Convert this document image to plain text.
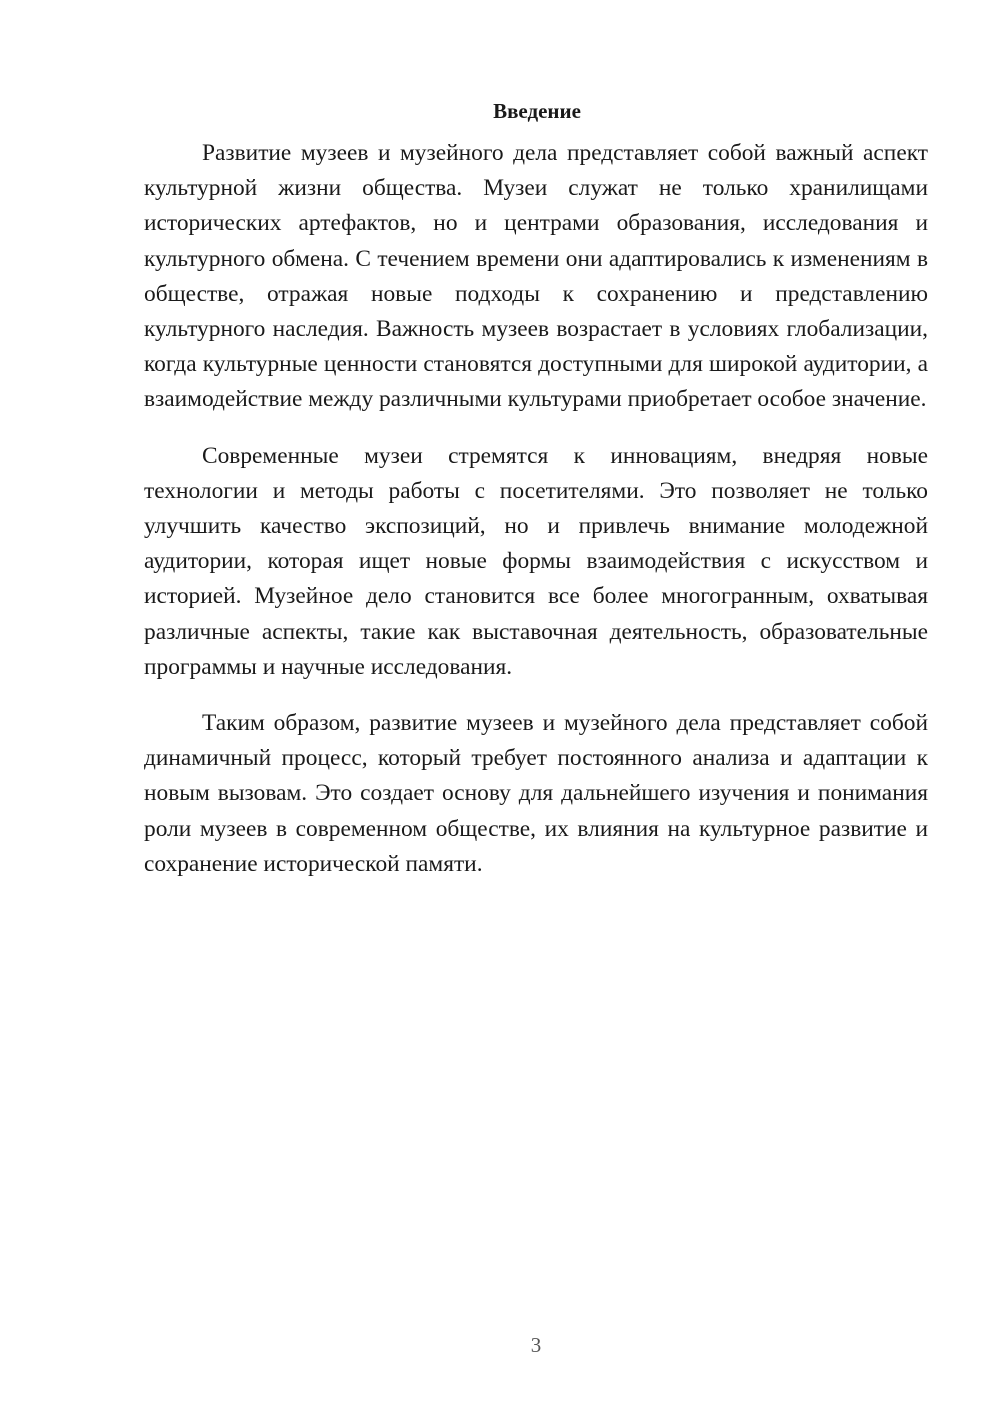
Введение

Развитие музеев и музейного дела представляет собой важный аспект культурной жизни общества. Музеи служат не только хранилищами исторических артефактов, но и центрами образования, исследования и культурного обмена. С течением времени они адаптировались к изменениям в обществе, отражая новые подходы к сохранению и представлению культурного наследия. Важность музеев возрастает в условиях глобализации, когда культурные ценности становятся доступными для широкой аудитории, а взаимодействие между различными культурами приобретает особое значение.

Современные музеи стремятся к инновациям, внедряя новые технологии и методы работы с посетителями. Это позволяет не только улучшить качество экспозиций, но и привлечь внимание молодежной аудитории, которая ищет новые формы взаимодействия с искусством и историей. Музейное дело становится все более многогранным, охватывая различные аспекты, такие как выставочная деятельность, образовательные программы и научные исследования.

Таким образом, развитие музеев и музейного дела представляет собой динамичный процесс, который требует постоянного анализа и адаптации к новым вызовам. Это создает основу для дальнейшего изучения и понимания роли музеев в современном обществе, их влияния на культурное развитие и сохранение исторической памяти.

3
